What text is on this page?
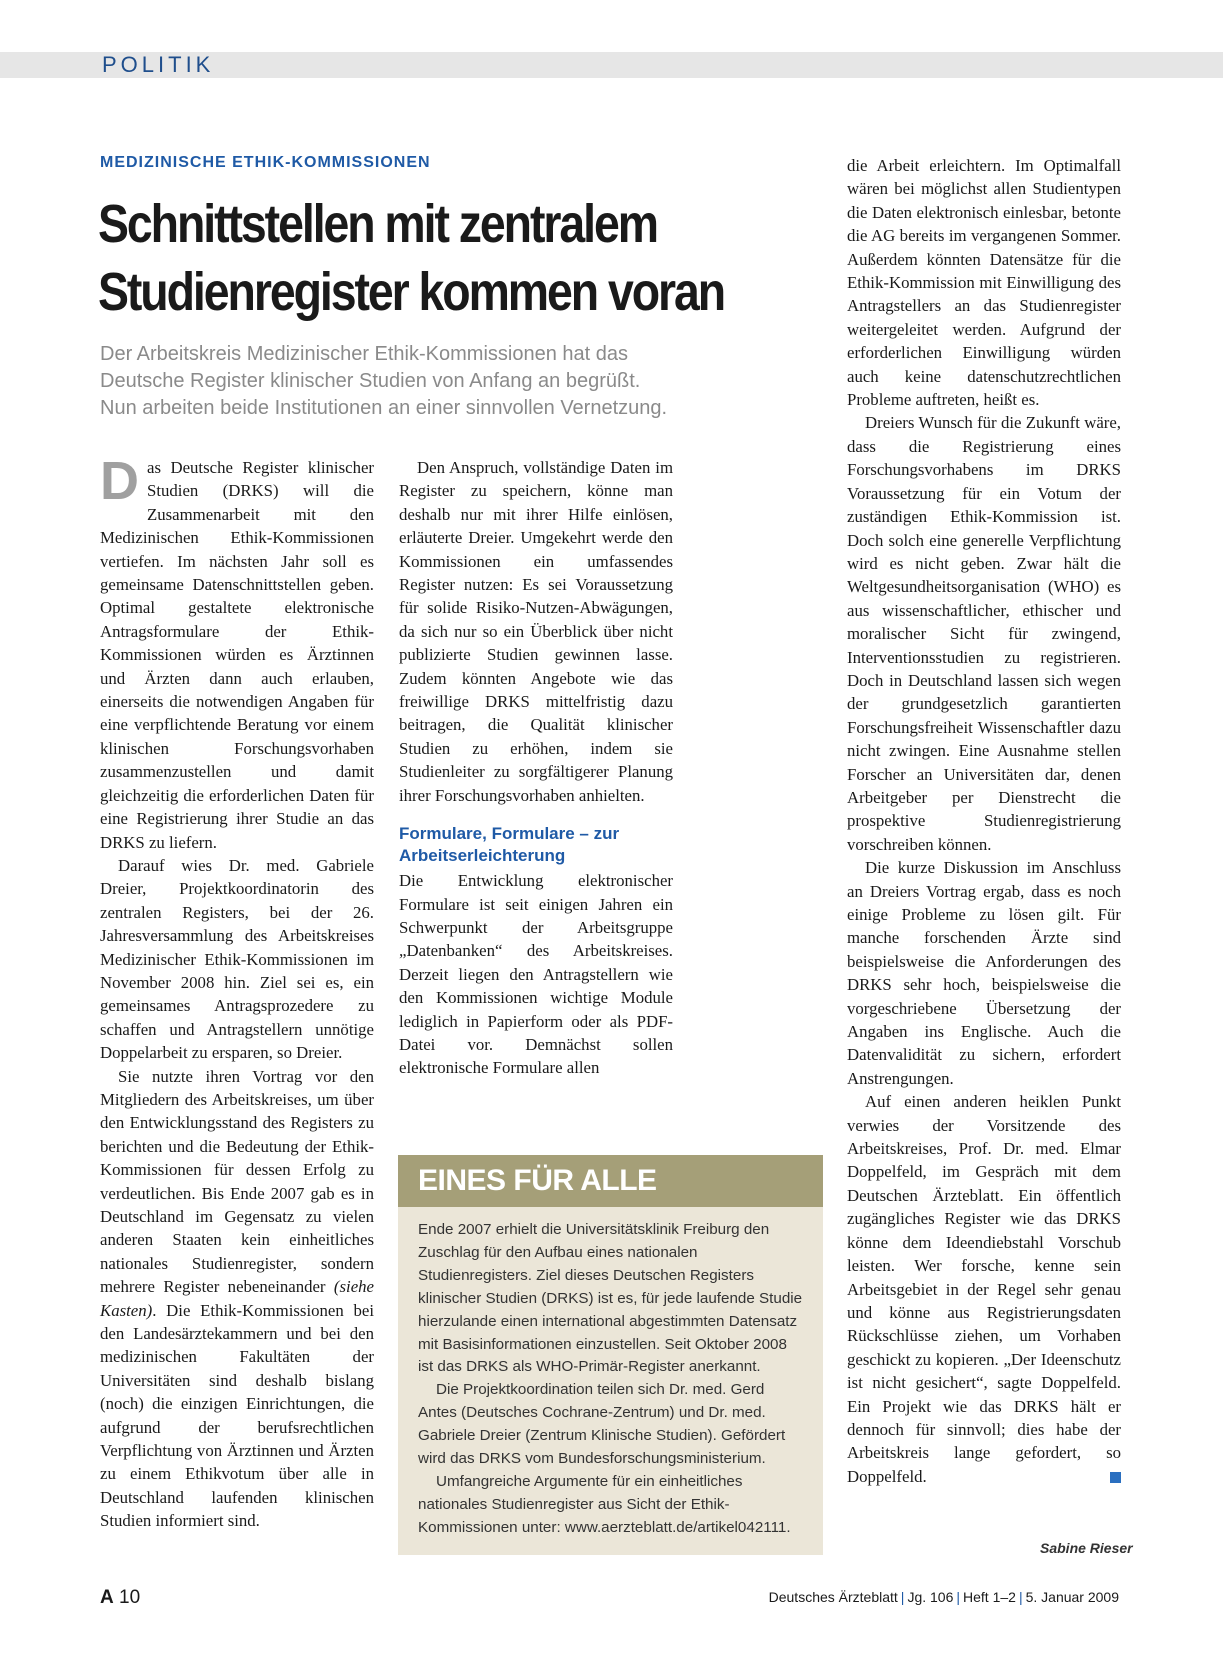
POLITIK
MEDIZINISCHE ETHIK-KOMMISSIONEN
Schnittstellen mit zentralem
Studienregister kommen voran
Der Arbeitskreis Medizinischer Ethik-Kommissionen hat das
Deutsche Register klinischer Studien von Anfang an begrüßt.
Nun arbeiten beide Institutionen an einer sinnvollen Vernetzung.

Das Deutsche Register klinischer Studien (DRKS) will die Zusammenarbeit mit den Medizinischen Ethik-Kommissionen vertiefen. Im nächsten Jahr soll es gemeinsame Datenschnittstellen geben. Optimal gestaltete elektronische Antragsformulare der Ethik-Kommissionen würden es Ärztinnen und Ärzten dann auch erlauben, einerseits die notwendigen Angaben für eine verpflichtende Beratung vor einem klinischen Forschungsvorhaben zusammenzustellen und damit gleichzeitig die erforderlichen Daten für eine Registrierung ihrer Studie an das DRKS zu liefern.

Darauf wies Dr. med. Gabriele Dreier, Projektkoordinatorin des zentralen Registers, bei der 26. Jahresversammlung des Arbeitskreises Medizinischer Ethik-Kommissionen im November 2008 hin. Ziel sei es, ein gemeinsames Antragsprozedere zu schaffen und Antragstellern unnötige Doppelarbeit zu ersparen, so Dreier.

Sie nutzte ihren Vortrag vor den Mitgliedern des Arbeitskreises, um über den Entwicklungsstand des Registers zu berichten und die Bedeutung der Ethik-Kommissionen für dessen Erfolg zu verdeutlichen. Bis Ende 2007 gab es in Deutschland im Gegensatz zu vielen anderen Staaten kein einheitliches nationales Studienregister, sondern mehrere Register nebeneinander (siehe Kasten). Die Ethik-Kommissionen bei den Landesärztekammern und bei den medizinischen Fakultäten der Universitäten sind deshalb bislang (noch) die einzigen Einrichtungen, die aufgrund der berufsrechtlichen Verpflichtung von Ärztinnen und Ärzten zu einem Ethikvotum über alle in Deutschland laufenden klinischen Studien informiert sind.

Den Anspruch, vollständige Daten im Register zu speichern, könne man deshalb nur mit ihrer Hilfe einlösen, erläuterte Dreier. Umgekehrt werde den Kommissionen ein umfassendes Register nutzen: Es sei Voraussetzung für solide Risiko-Nutzen-Abwägungen, da sich nur so ein Überblick über nicht publizierte Studien gewinnen lasse. Zudem könnten Angebote wie das freiwillige DRKS mittelfristig dazu beitragen, die Qualität klinischer Studien zu erhöhen, indem sie Studienleiter zu sorgfältigerer Planung ihrer Forschungsvorhaben anhielten.

Formulare, Formulare – zur Arbeitserleichterung

Die Entwicklung elektronischer Formulare ist seit einigen Jahren ein Schwerpunkt der Arbeitsgruppe „Datenbanken“ des Arbeitskreises. Derzeit liegen den Antragstellern wie den Kommissionen wichtige Module lediglich in Papierform oder als PDF-Datei vor. Demnächst sollen elektronische Formulare allen

die Arbeit erleichtern. Im Optimalfall wären bei möglichst allen Studientypen die Daten elektronisch einlesbar, betonte die AG bereits im vergangenen Sommer. Außerdem könnten Datensätze für die Ethik-Kommission mit Einwilligung des Antragstellers an das Studienregister weitergeleitet werden. Aufgrund der erforderlichen Einwilligung würden auch keine datenschutzrechtlichen Probleme auftreten, heißt es.

Dreiers Wunsch für die Zukunft wäre, dass die Registrierung eines Forschungsvorhabens im DRKS Voraussetzung für ein Votum der zuständigen Ethik-Kommission ist. Doch solch eine generelle Verpflichtung wird es nicht geben. Zwar hält die Weltgesundheitsorganisation (WHO) es aus wissenschaftlicher, ethischer und moralischer Sicht für zwingend, Interventionsstudien zu registrieren. Doch in Deutschland lassen sich wegen der grundgesetzlich garantierten Forschungsfreiheit Wissenschaftler dazu nicht zwingen. Eine Ausnahme stellen Forscher an Universitäten dar, denen Arbeitgeber per Dienstrecht die prospektive Studienregistrierung vorschreiben können.

Die kurze Diskussion im Anschluss an Dreiers Vortrag ergab, dass es noch einige Probleme zu lösen gilt. Für manche forschenden Ärzte sind beispielsweise die Anforderungen des DRKS sehr hoch, beispielsweise die vorgeschriebene Übersetzung der Angaben ins Englische. Auch die Datenvalidität zu sichern, erfordert Anstrengungen.

Auf einen anderen heiklen Punkt verwies der Vorsitzende des Arbeitskreises, Prof. Dr. med. Elmar Doppelfeld, im Gespräch mit dem Deutschen Ärzteblatt. Ein öffentlich zugängliches Register wie das DRKS könne dem Ideendiebstahl Vorschub leisten. Wer forsche, kenne sein Arbeitsgebiet in der Regel sehr genau und könne aus Registrierungsdaten Rückschlüsse ziehen, um Vorhaben geschickt zu kopieren. „Der Ideenschutz ist nicht gesichert“, sagte Doppelfeld. Ein Projekt wie das DRKS hält er dennoch für sinnvoll; dies habe der Arbeitskreis lange gefordert, so Doppelfeld.

Sabine Rieser
EINES FÜR ALLE

Ende 2007 erhielt die Universitätsklinik Freiburg den Zuschlag für den Aufbau eines nationalen Studienregisters. Ziel dieses Deutschen Registers klinischer Studien (DRKS) ist es, für jede laufende Studie hierzulande einen international abgestimmten Datensatz mit Basisinformationen einzustellen. Seit Oktober 2008 ist das DRKS als WHO-Primär-Register anerkannt.

Die Projektkoordination teilen sich Dr. med. Gerd Antes (Deutsches Cochrane-Zentrum) und Dr. med. Gabriele Dreier (Zentrum Klinische Studien). Gefördert wird das DRKS vom Bundesforschungsministerium.

Umfangreiche Argumente für ein einheitliches nationales Studienregister aus Sicht der Ethik-Kommissionen unter: www.aerzteblatt.de/artikel042111.

A 10	Deutsches Ärzteblatt | Jg. 106 | Heft 1–2 | 5. Januar 2009
